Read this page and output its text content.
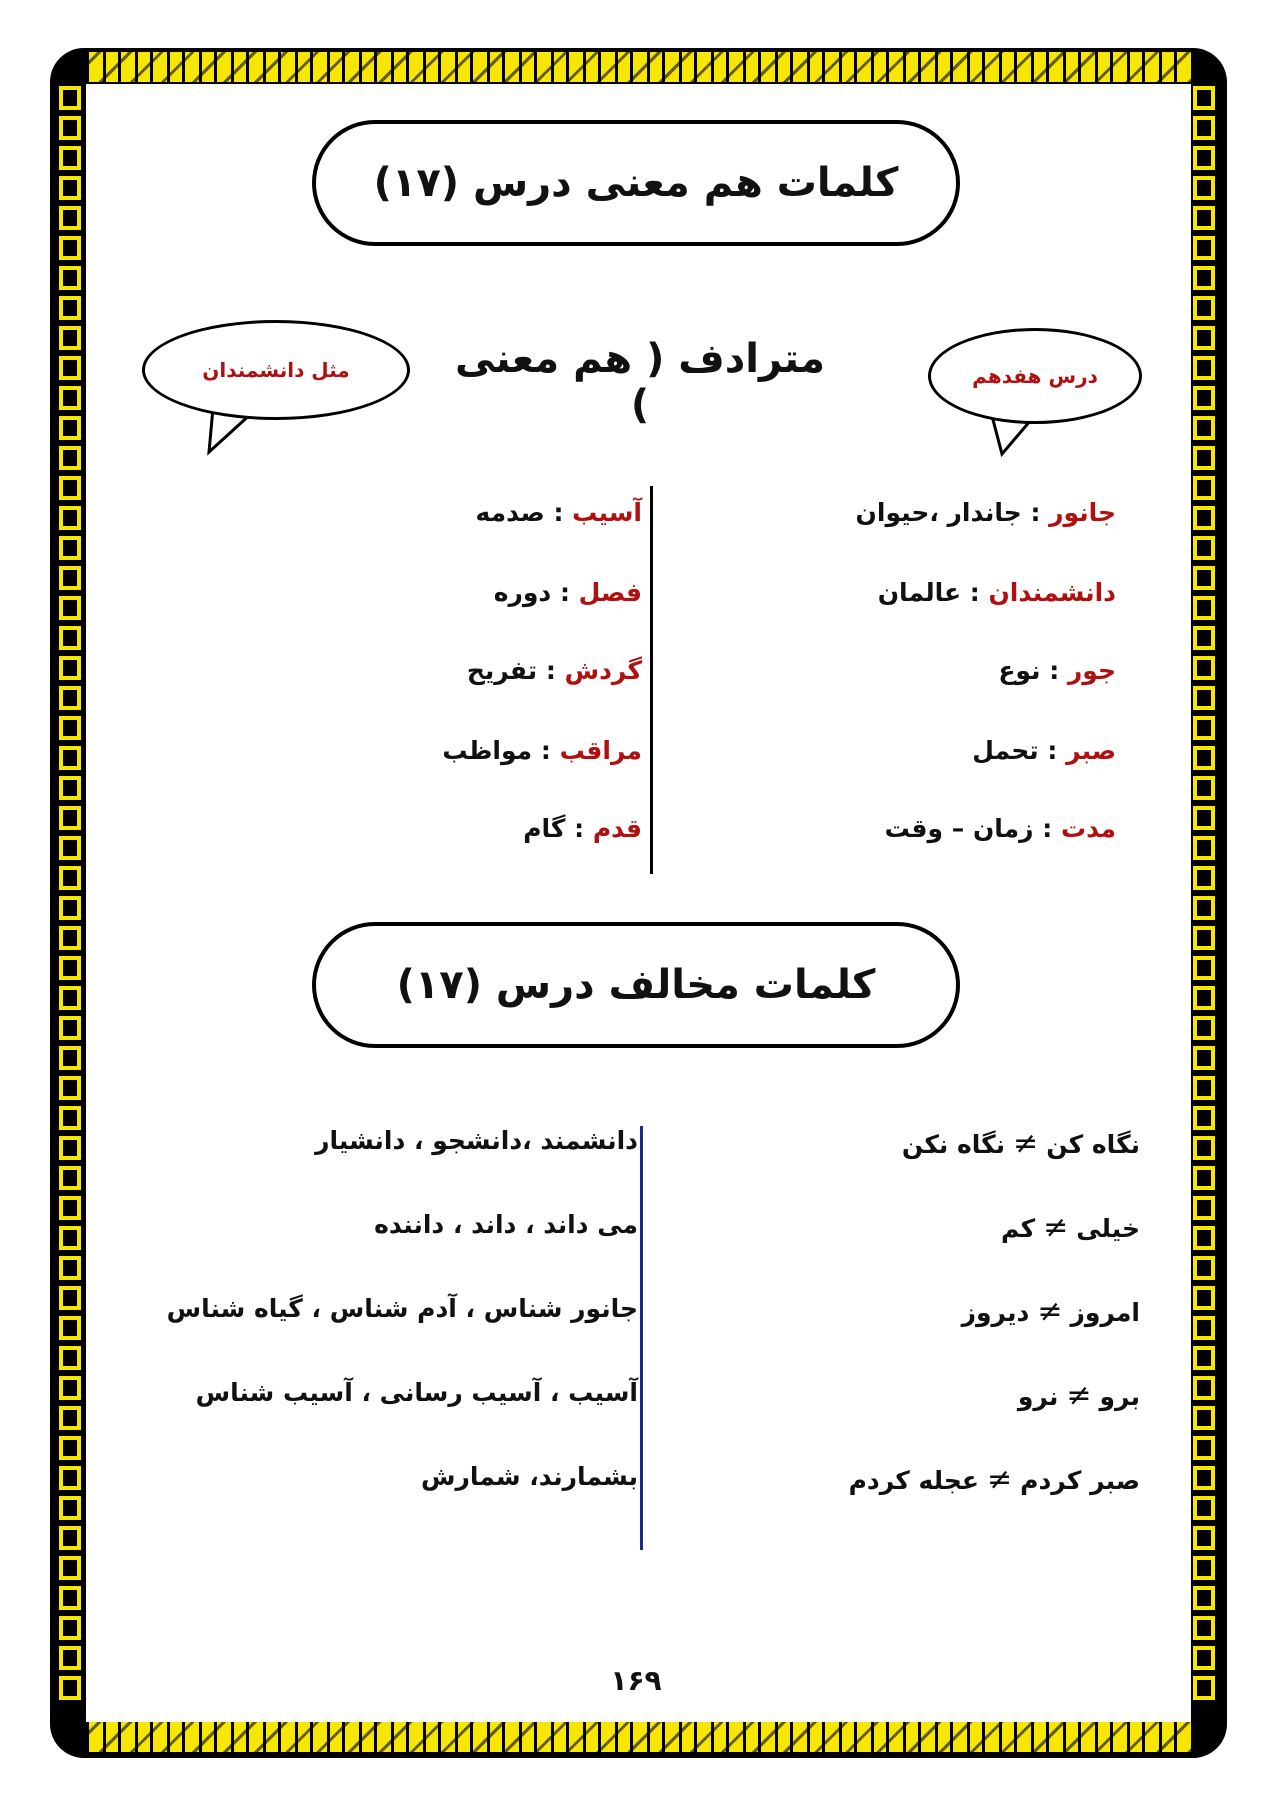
کلمات هم معنی درس (۱۷)
مثل دانشمندان	درس هفدهم
مترادف ( هم معنی )
جانور : جاندار ،حیوان
دانشمندان : عالمان
جور : نوع
صبر : تحمل
مدت : زمان – وقت
آسیب : صدمه
فصل : دوره
گردش : تفریح
مراقب : مواظب
قدم : گام
کلمات مخالف درس (۱۷)
نگاه کن≠نگاه نکن
خیلی≠کم
امروز≠دیروز
برو≠نرو
صبر کردم≠عجله کردم
دانشمند ،دانشجو ، دانشیار
می داند ، داند ، داننده
جانور شناس ، آدم شناس ، گیاه شناس
آسیب ، آسیب رسانی ، آسیب شناس
بشمارند، شمارش
۱۶۹
